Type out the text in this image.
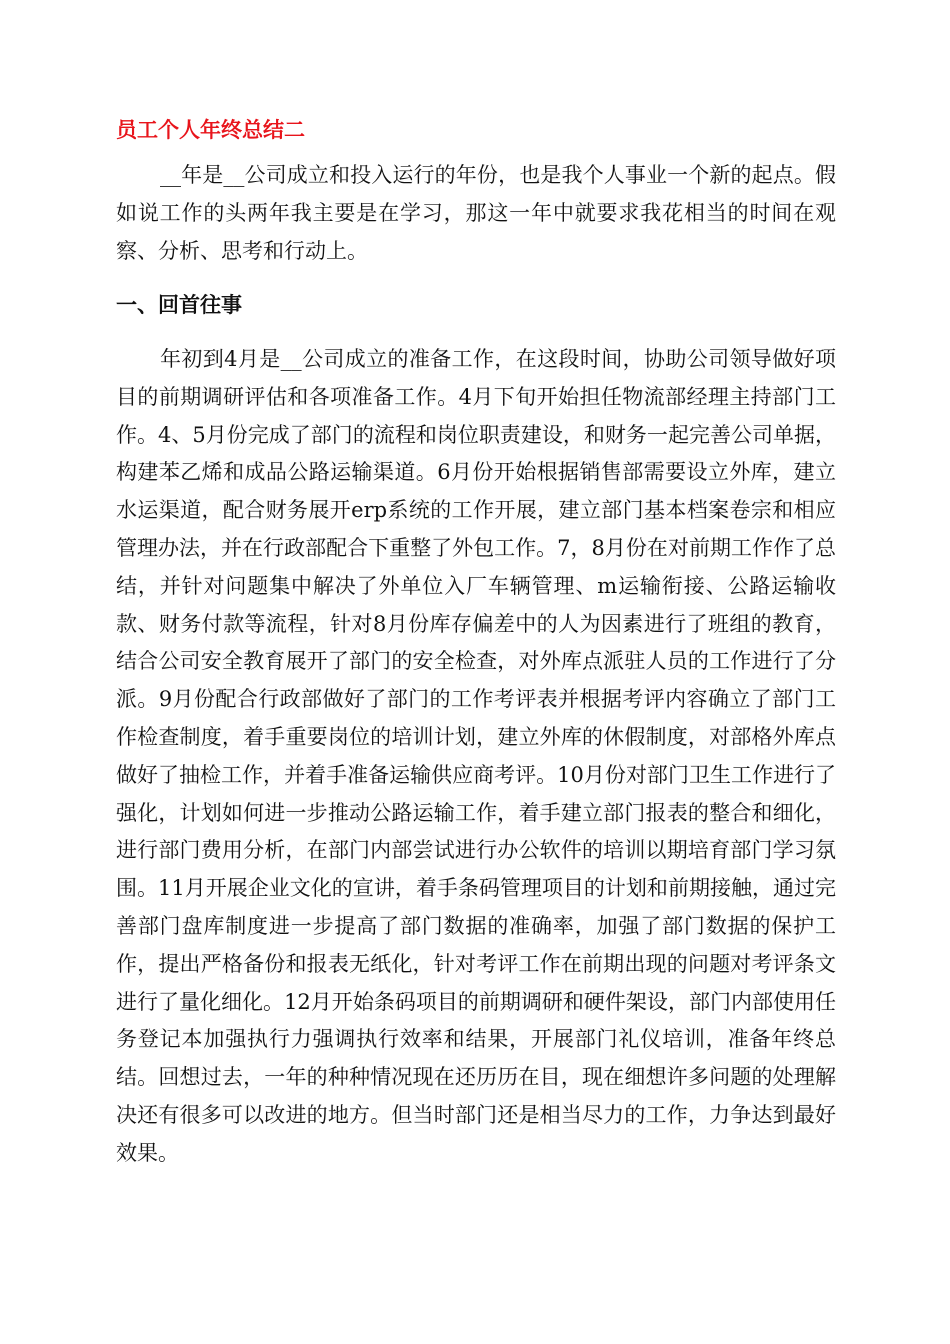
员工个人年终总结二

__年是__公司成立和投入运行的年份，也是我个人事业一个新的起点。假如说工作的头两年我主要是在学习，那这一年中就要求我花相当的时间在观察、分析、思考和行动上。

一、回首往事

年初到4月是__公司成立的准备工作，在这段时间，协助公司领导做好项目的前期调研评估和各项准备工作。4月下旬开始担任物流部经理主持部门工作。4、5月份完成了部门的流程和岗位职责建设，和财务一起完善公司单据，构建苯乙烯和成品公路运输渠道。6月份开始根据销售部需要设立外库，建立水运渠道，配合财务展开erp系统的工作开展，建立部门基本档案卷宗和相应管理办法，并在行政部配合下重整了外包工作。7，8月份在对前期工作作了总结，并针对问题集中解决了外单位入厂车辆管理、m运输衔接、公路运输收款、财务付款等流程，针对8月份库存偏差中的人为因素进行了班组的教育，结合公司安全教育展开了部门的安全检查，对外库点派驻人员的工作进行了分派。9月份配合行政部做好了部门的工作考评表并根据考评内容确立了部门工作检查制度，着手重要岗位的培训计划，建立外库的休假制度，对部格外库点做好了抽检工作，并着手准备运输供应商考评。10月份对部门卫生工作进行了强化，计划如何进一步推动公路运输工作，着手建立部门报表的整合和细化，进行部门费用分析，在部门内部尝试进行办公软件的培训以期培育部门学习氛围。11月开展企业文化的宣讲，着手条码管理项目的计划和前期接触，通过完善部门盘库制度进一步提高了部门数据的准确率，加强了部门数据的保护工作，提出严格备份和报表无纸化，针对考评工作在前期出现的问题对考评条文进行了量化细化。12月开始条码项目的前期调研和硬件架设，部门内部使用任务登记本加强执行力强调执行效率和结果，开展部门礼仪培训，准备年终总结。回想过去，一年的种种情况现在还历历在目，现在细想许多问题的处理解决还有很多可以改进的地方。但当时部门还是相当尽力的工作，力争达到最好效果。
